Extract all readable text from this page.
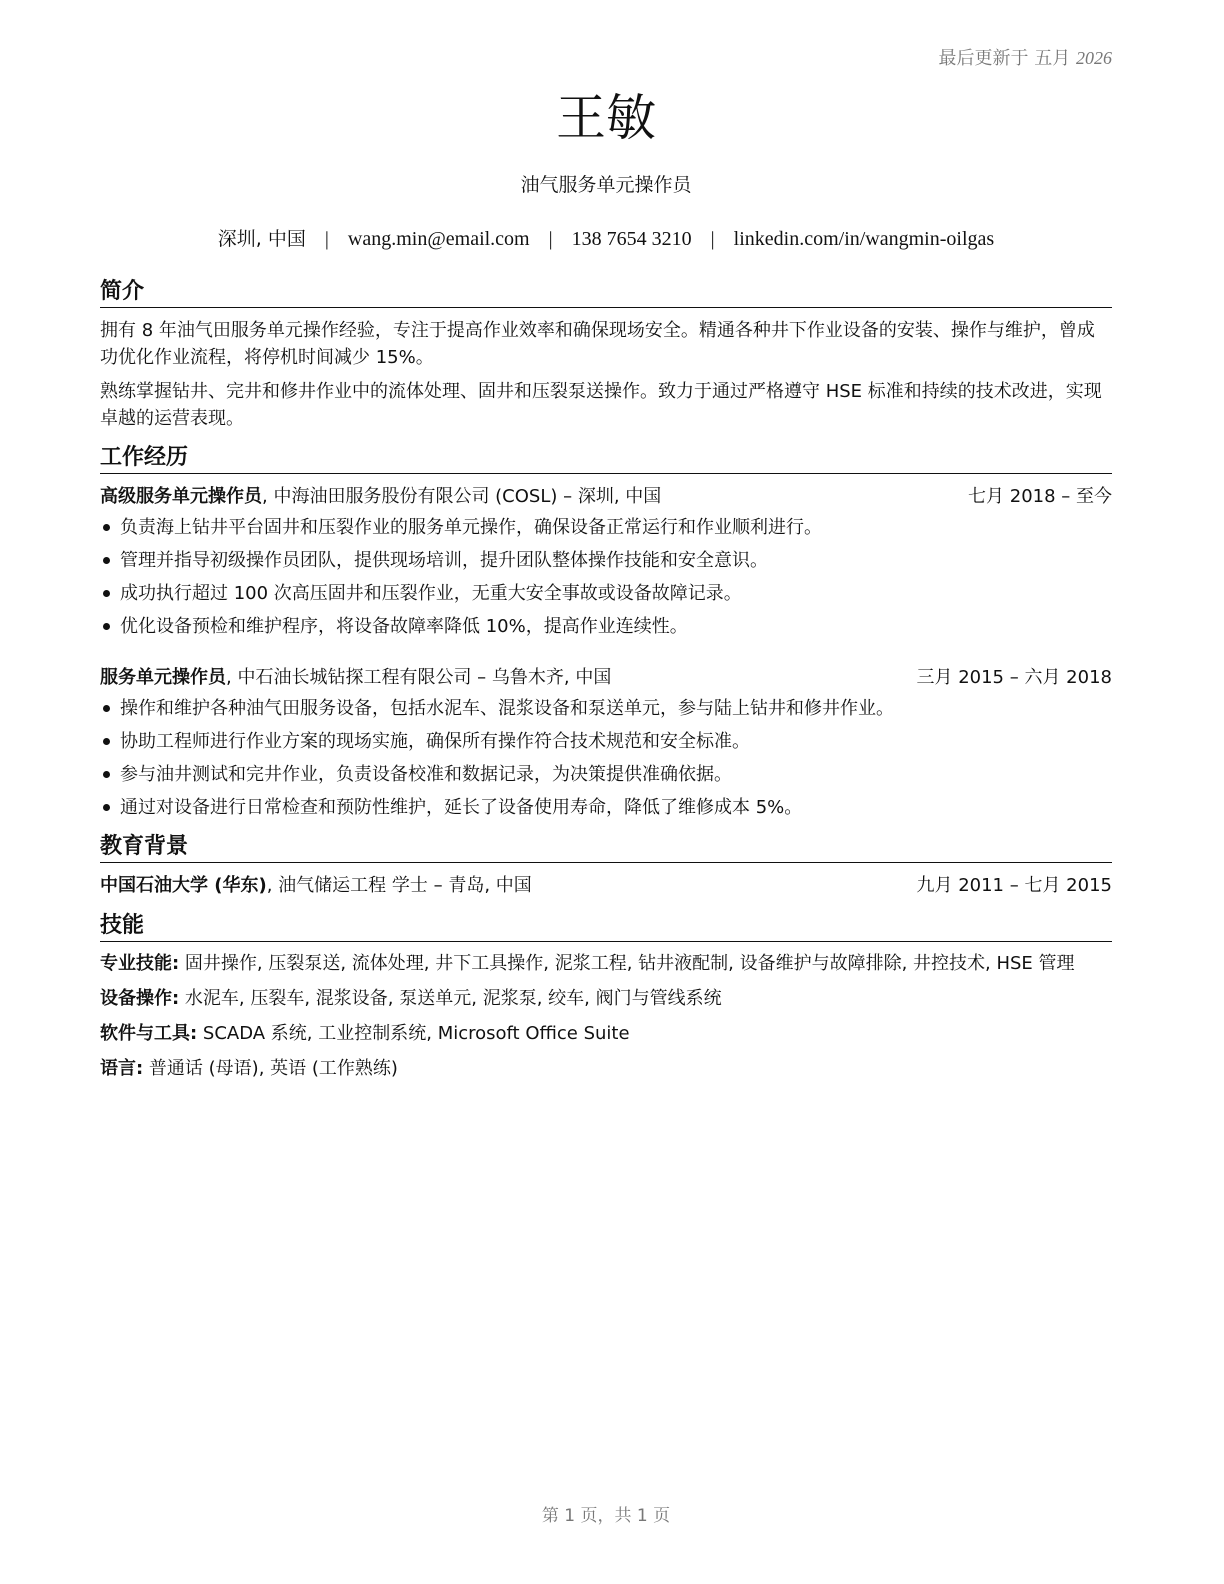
最后更新于 五月 2026
王敏
油气服务单元操作员
深圳, 中国 | wang.min@email.com | 138 7654 3210 | linkedin.com/in/wangmin-oilgas
简介

拥有 8 年油气田服务单元操作经验，专注于提高作业效率和确保现场安全。精通各种井下作业设备的安装、操作与维护，曾成功优化作业流程，将停机时间减少 15%。

熟练掌握钻井、完井和修井作业中的流体处理、固井和压裂泵送操作。致力于通过严格遵守 HSE 标准和持续的技术改进，实现卓越的运营表现。

工作经历
高级服务单元操作员, 中海油田服务股份有限公司 (COSL) – 深圳, 中国	七月 2018 – 至今
负责海上钻井平台固井和压裂作业的服务单元操作，确保设备正常运行和作业顺利进行。
管理并指导初级操作员团队，提供现场培训，提升团队整体操作技能和安全意识。
成功执行超过 100 次高压固井和压裂作业，无重大安全事故或设备故障记录。
优化设备预检和维护程序，将设备故障率降低 10%，提高作业连续性。
服务单元操作员, 中石油长城钻探工程有限公司 – 乌鲁木齐, 中国	三月 2015 – 六月 2018
操作和维护各种油气田服务设备，包括水泥车、混浆设备和泵送单元，参与陆上钻井和修井作业。
协助工程师进行作业方案的现场实施，确保所有操作符合技术规范和安全标准。
参与油井测试和完井作业，负责设备校准和数据记录，为决策提供准确依据。
通过对设备进行日常检查和预防性维护，延长了设备使用寿命，降低了维修成本 5%。
教育背景
中国石油大学 (华东), 油气储运工程 学士 – 青岛, 中国	九月 2011 – 七月 2015
技能

专业技能: 固井操作, 压裂泵送, 流体处理, 井下工具操作, 泥浆工程, 钻井液配制, 设备维护与故障排除, 井控技术, HSE 管理

设备操作: 水泥车, 压裂车, 混浆设备, 泵送单元, 泥浆泵, 绞车, 阀门与管线系统

软件与工具: SCADA 系统, 工业控制系统, Microsoft Office Suite

语言: 普通话 (母语), 英语 (工作熟练)

第 1 页，共 1 页
